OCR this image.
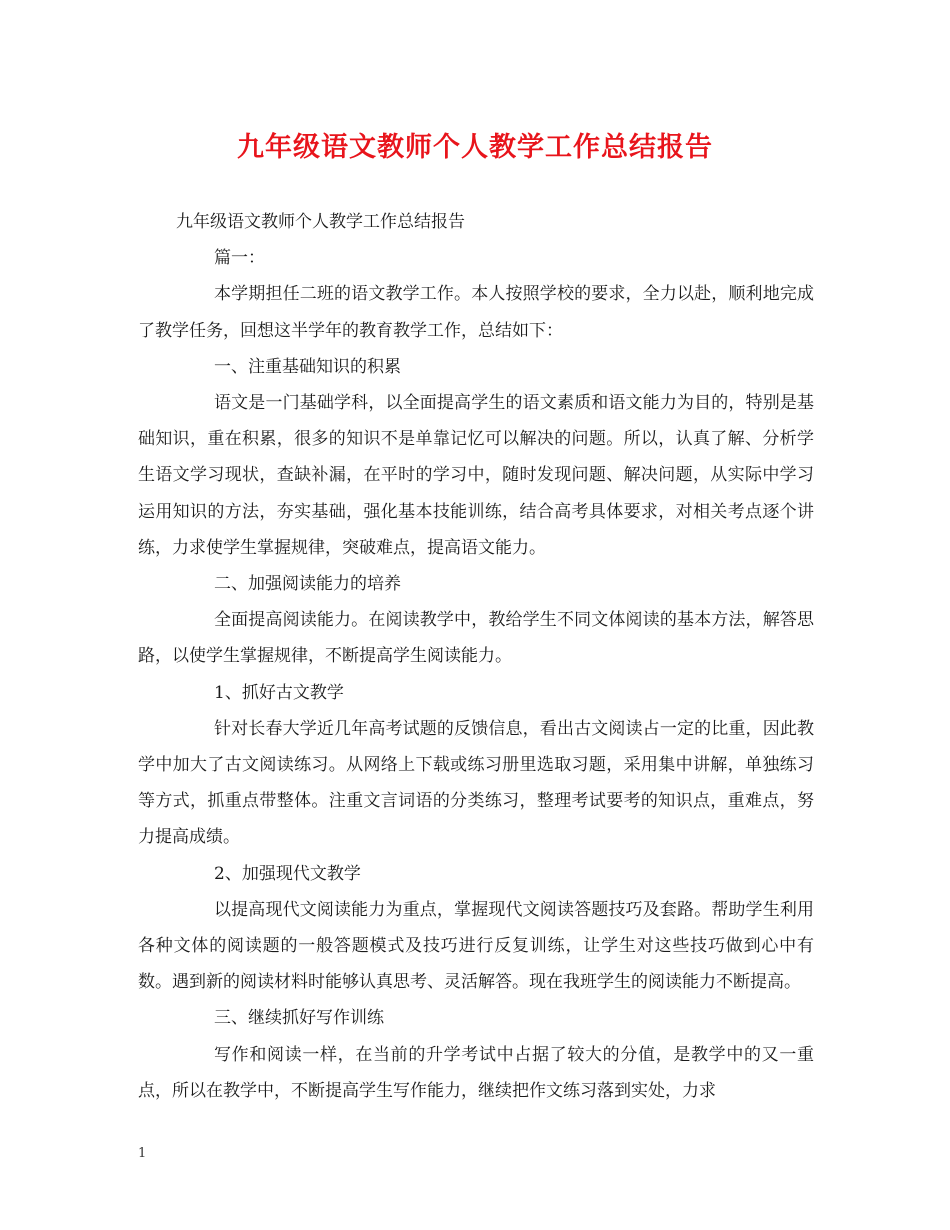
九年级语文教师个人教学工作总结报告

九年级语文教师个人教学工作总结报告

篇一：

本学期担任二班的语文教学工作。本人按照学校的要求，全力以赴，顺利地完成了教学任务，回想这半学年的教育教学工作，总结如下：

一、注重基础知识的积累

语文是一门基础学科，以全面提高学生的语文素质和语文能力为目的，特别是基础知识，重在积累，很多的知识不是单靠记忆可以解决的问题。所以，认真了解、分析学生语文学习现状，查缺补漏，在平时的学习中，随时发现问题、解决问题，从实际中学习运用知识的方法，夯实基础，强化基本技能训练，结合高考具体要求，对相关考点逐个讲练，力求使学生掌握规律，突破难点，提高语文能力。

二、加强阅读能力的培养

全面提高阅读能力。在阅读教学中，教给学生不同文体阅读的基本方法，解答思路，以使学生掌握规律，不断提高学生阅读能力。

1、抓好古文教学

针对长春大学近几年高考试题的反馈信息，看出古文阅读占一定的比重，因此教学中加大了古文阅读练习。从网络上下载或练习册里选取习题，采用集中讲解，单独练习等方式，抓重点带整体。注重文言词语的分类练习，整理考试要考的知识点，重难点，努力提高成绩。

2、加强现代文教学

以提高现代文阅读能力为重点，掌握现代文阅读答题技巧及套路。帮助学生利用各种文体的阅读题的一般答题模式及技巧进行反复训练，让学生对这些技巧做到心中有数。遇到新的阅读材料时能够认真思考、灵活解答。现在我班学生的阅读能力不断提高。

三、继续抓好写作训练

写作和阅读一样，在当前的升学考试中占据了较大的分值，是教学中的又一重点，所以在教学中，不断提高学生写作能力，继续把作文练习落到实处，力求

1
